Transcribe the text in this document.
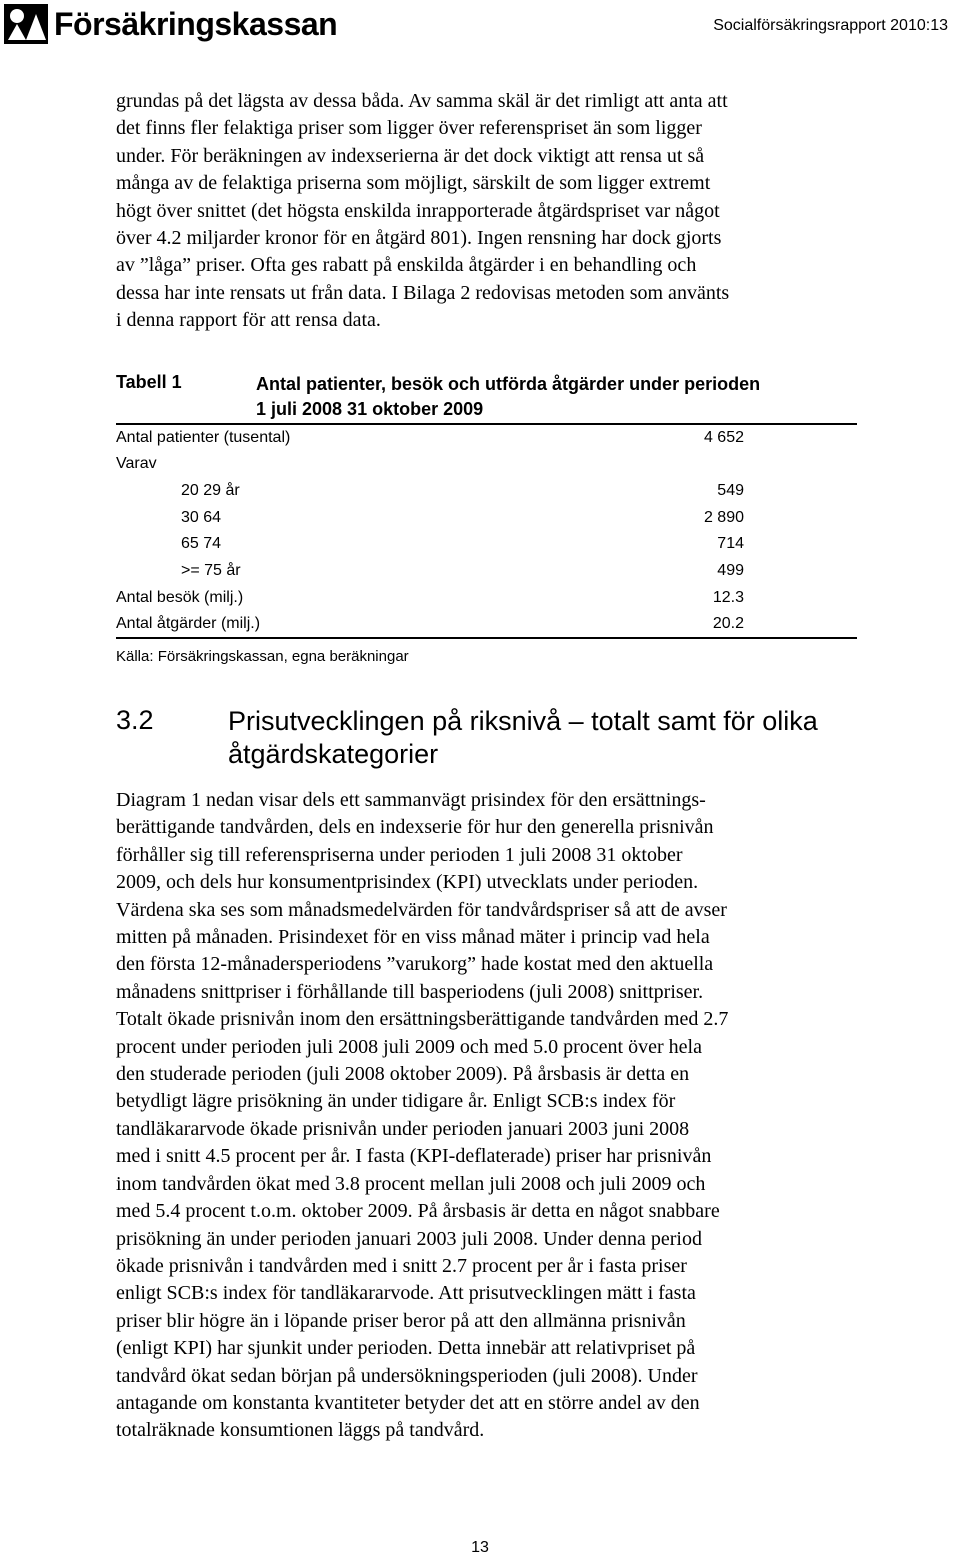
Försäkringskassan	Socialförsäkringsrapport 2010:13
grundas på det lägsta av dessa båda. Av samma skäl är det rimligt att anta att
det finns fler felaktiga priser som ligger över referenspriset än som ligger
under. För beräkningen av indexserierna är det dock viktigt att rensa ut så
många av de felaktiga priserna som möjligt, särskilt de som ligger extremt
högt över snittet (det högsta enskilda inrapporterade åtgärdspriset var något
över 4.2 miljarder kronor för en åtgärd 801). Ingen rensning har dock gjorts
av ”låga” priser. Ofta ges rabatt på enskilda åtgärder i en behandling och
dessa har inte rensats ut från data. I Bilaga 2 redovisas metoden som använts
i denna rapport för att rensa data.
Tabell 1	Antal patienter, besök och utförda åtgärder under perioden
1 juli 2008 31 oktober 2009
Antal patienter (tusental)	4 652
Varav
20 29 år	549
30 64	2 890
65 74	714
>= 75 år	499
Antal besök (milj.)	12.3
Antal åtgärder (milj.)	20.2
Källa: Försäkringskassan, egna beräkningar
3.2	Prisutvecklingen på riksnivå – totalt samt för olika
åtgärdskategorier
Diagram 1 nedan visar dels ett sammanvägt prisindex för den ersättnings-
berättigande tandvården, dels en indexserie för hur den generella prisnivån
förhåller sig till referenspriserna under perioden 1 juli 2008 31 oktober
2009, och dels hur konsumentprisindex (KPI) utvecklats under perioden.
Värdena ska ses som månadsmedelvärden för tandvårdspriser så att de avser
mitten på månaden. Prisindexet för en viss månad mäter i princip vad hela
den första 12-månadersperiodens ”varukorg” hade kostat med den aktuella
månadens snittpriser i förhållande till basperiodens (juli 2008) snittpriser.
Totalt ökade prisnivån inom den ersättningsberättigande tandvården med 2.7
procent under perioden juli 2008 juli 2009 och med 5.0 procent över hela
den studerade perioden (juli 2008 oktober 2009). På årsbasis är detta en
betydligt lägre prisökning än under tidigare år. Enligt SCB:s index för
tandläkararvode ökade prisnivån under perioden januari 2003 juni 2008
med i snitt 4.5 procent per år. I fasta (KPI-deflaterade) priser har prisnivån
inom tandvården ökat med 3.8 procent mellan juli 2008 och juli 2009 och
med 5.4 procent t.o.m. oktober 2009. På årsbasis är detta en något snabbare
prisökning än under perioden januari 2003 juli 2008. Under denna period
ökade prisnivån i tandvården med i snitt 2.7 procent per år i fasta priser
enligt SCB:s index för tandläkararvode. Att prisutvecklingen mätt i fasta
priser blir högre än i löpande priser beror på att den allmänna prisnivån
(enligt KPI) har sjunkit under perioden. Detta innebär att relativpriset på
tandvård ökat sedan början på undersökningsperioden (juli 2008). Under
antagande om konstanta kvantiteter betyder det att en större andel av den
totalräknade konsumtionen läggs på tandvård.
13
